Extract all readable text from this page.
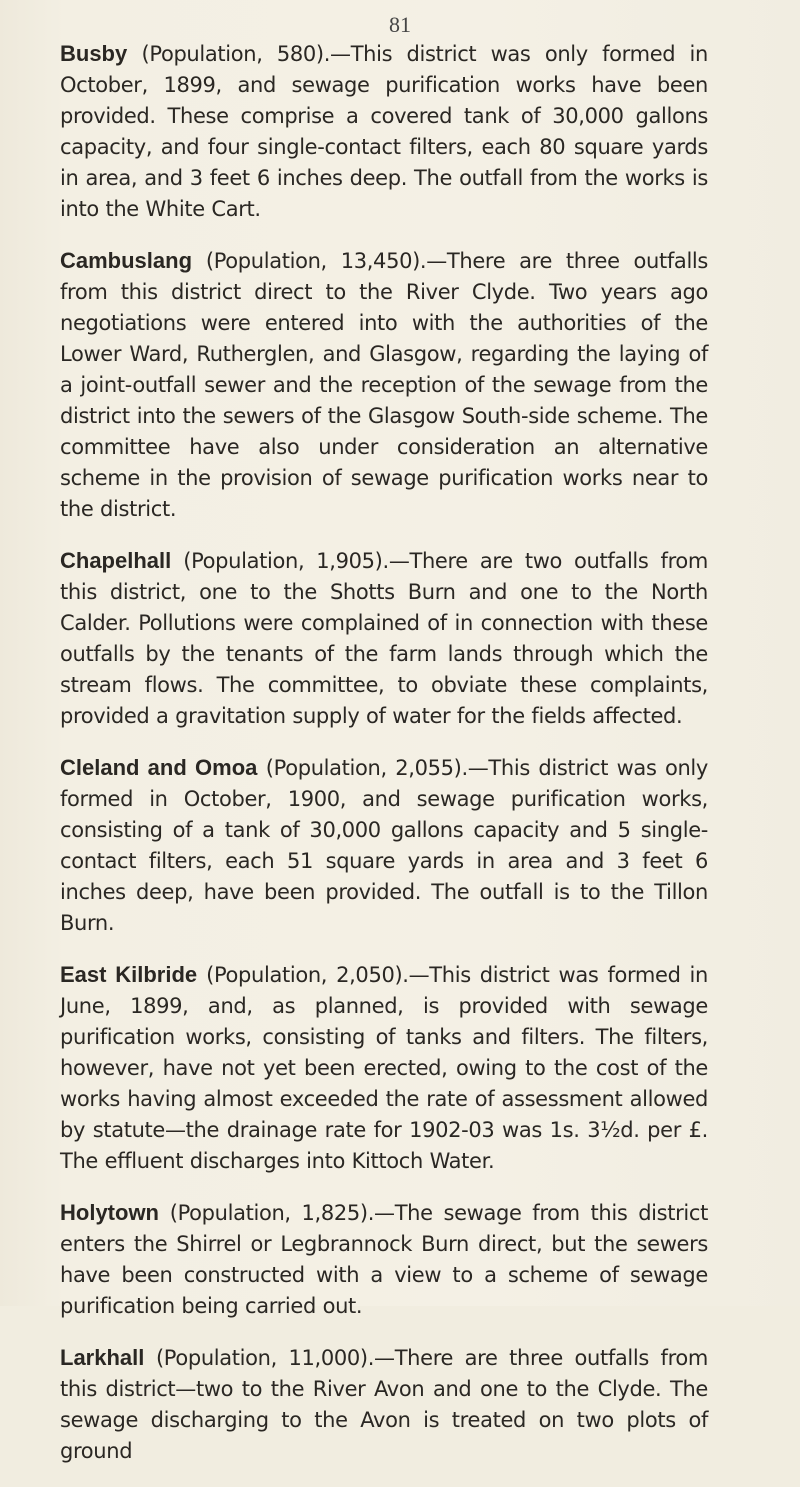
81

Busby (Population, 580).—This district was only formed in October, 1899, and sewage purification works have been provided. These comprise a covered tank of 30,000 gallons capacity, and four single-contact filters, each 80 square yards in area, and 3 feet 6 inches deep. The outfall from the works is into the White Cart.

Cambuslang (Population, 13,450).—There are three outfalls from this district direct to the River Clyde. Two years ago negotiations were entered into with the authorities of the Lower Ward, Rutherglen, and Glasgow, regarding the laying of a joint-outfall sewer and the reception of the sewage from the district into the sewers of the Glasgow South-side scheme. The committee have also under consideration an alternative scheme in the provision of sewage purification works near to the district.

Chapelhall (Population, 1,905).—There are two outfalls from this district, one to the Shotts Burn and one to the North Calder. Pollutions were complained of in connection with these outfalls by the tenants of the farm lands through which the stream flows. The committee, to obviate these complaints, provided a gravitation supply of water for the fields affected.

Cleland and Omoa (Population, 2,055).—This district was only formed in October, 1900, and sewage purification works, consisting of a tank of 30,000 gallons capacity and 5 single-contact filters, each 51 square yards in area and 3 feet 6 inches deep, have been provided. The outfall is to the Tillon Burn.

East Kilbride (Population, 2,050).—This district was formed in June, 1899, and, as planned, is provided with sewage purification works, consisting of tanks and filters. The filters, however, have not yet been erected, owing to the cost of the works having almost exceeded the rate of assessment allowed by statute—the drainage rate for 1902-03 was 1s. 3½d. per £. The effluent discharges into Kittoch Water.

Holytown (Population, 1,825).—The sewage from this district enters the Shirrel or Legbrannock Burn direct, but the sewers have been constructed with a view to a scheme of sewage purification being carried out.

Larkhall (Population, 11,000).—There are three outfalls from this district—two to the River Avon and one to the Clyde. The sewage discharging to the Avon is treated on two plots of ground
